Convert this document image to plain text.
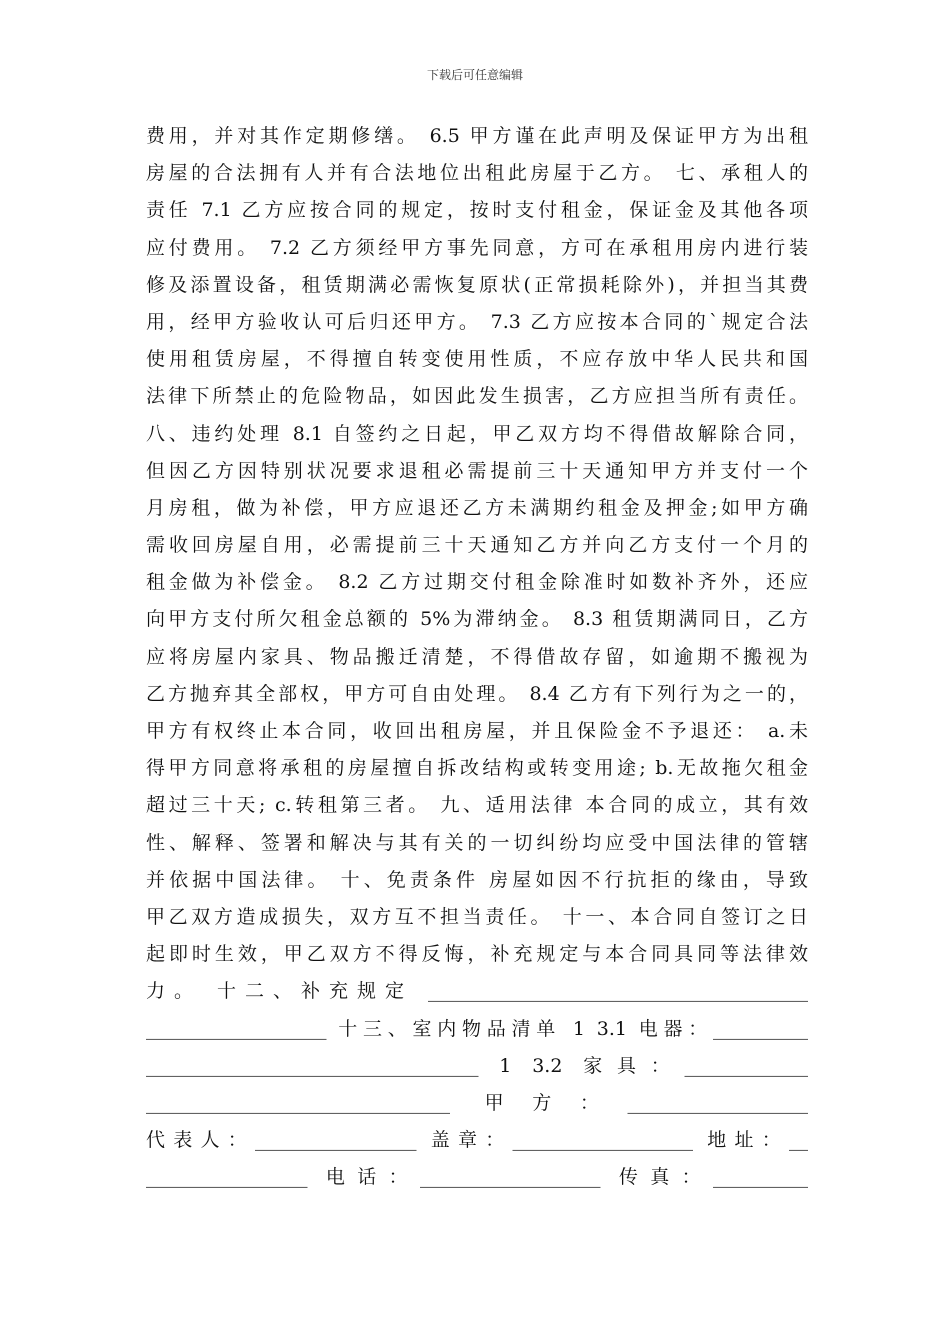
下载后可任意编辑
费用，并对其作定期修缮。 6.5 甲方谨在此声明及保证甲方为出租
房屋的合法拥有人并有合法地位出租此房屋于乙方。 七、承租人的
责任 7.1 乙方应按合同的规定，按时支付租金，保证金及其他各项
应付费用。 7.2 乙方须经甲方事先同意，方可在承租用房内进行装
修及添置设备，租赁期满必需恢复原状(正常损耗除外)，并担当其费
用，经甲方验收认可后归还甲方。 7.3 乙方应按本合同的`规定合法
使用租赁房屋，不得擅自转变使用性质，不应存放中华人民共和国
法律下所禁止的危险物品，如因此发生损害，乙方应担当所有责任。
八、违约处理 8.1 自签约之日起，甲乙双方均不得借故解除合同，
但因乙方因特别状况要求退租必需提前三十天通知甲方并支付一个
月房租，做为补偿，甲方应退还乙方未满期约租金及押金;如甲方确
需收回房屋自用，必需提前三十天通知乙方并向乙方支付一个月的
租金做为补偿金。 8.2 乙方过期交付租金除准时如数补齐外，还应
向甲方支付所欠租金总额的 5%为滞纳金。 8.3 租赁期满同日，乙方
应将房屋内家具、物品搬迁清楚，不得借故存留，如逾期不搬视为
乙方抛弃其全部权，甲方可自由处理。 8.4 乙方有下列行为之一的，
甲方有权终止本合同，收回出租房屋，并且保险金不予退还： a.未
得甲方同意将承租的房屋擅自拆改结构或转变用途; b.无故拖欠租金
超过三十天; c.转租第三者。 九、适用法律 本合同的成立，其有效
性、解释、签署和解决与其有关的一切纠纷均应受中国法律的管辖
并依据中国法律。 十、免责条件 房屋如因不行抗拒的缘由，导致
甲乙双方造成损失，双方互不担当责任。 十一、本合同自签订之日
起即时生效，甲乙双方不得反悔，补充规定与本合同具同等法律效
力。 十二、补充规定 ________________________________________
___________________ 十三、室内物品清单 1 3.1 电器：__________
___________________________________ 1 3.2 家具：_____________
________________________________ 甲方：___________________
代表人：_________________ 盖章：___________________ 地址：__
_________________ 电话：___________________ 传真：__________
